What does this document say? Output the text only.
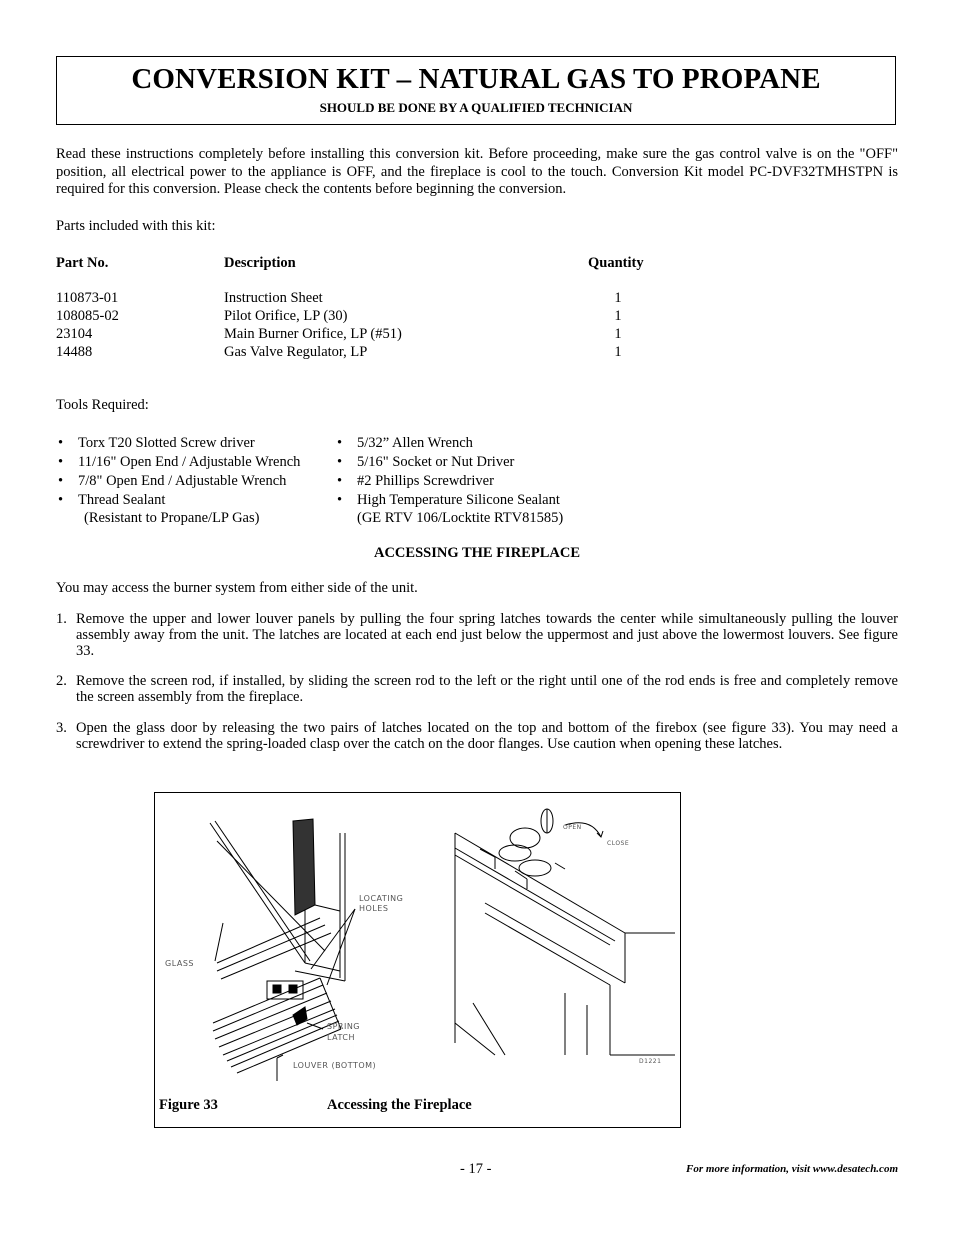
CONVERSION KIT – NATURAL GAS TO PROPANE
SHOULD BE DONE BY A QUALIFIED TECHNICIAN
Read these instructions completely before installing this conversion kit. Before proceeding, make sure the gas control valve is on the "OFF" position, all electrical power to the appliance is OFF, and the fireplace is cool to the touch. Conversion Kit model PC-DVF32TMHSTPN is required for this conversion. Please check the contents before beginning the conversion.
Parts included with this kit:
Part No.	Description	Quantity
110873-01	Instruction Sheet	1
108085-02	Pilot Orifice, LP (30)	1
23104	Main Burner Orifice, LP (#51)	1
14488	Gas Valve Regulator, LP	1
Tools Required:
• Torx T20 Slotted Screw driver
• 11/16" Open End / Adjustable Wrench
• 7/8" Open End / Adjustable Wrench
• Thread Sealant
(Resistant to Propane/LP Gas)
• 5/32” Allen Wrench
• 5/16" Socket or Nut Driver
• #2 Phillips Screwdriver
• High Temperature Silicone Sealant
(GE RTV 106/Locktite RTV81585)
ACCESSING THE FIREPLACE
You may access the burner system from either side of the unit.
1. Remove the upper and lower louver panels by pulling the four spring latches towards the center while simultaneously pulling the louver assembly away from the unit. The latches are located at each end just below the uppermost and just above the lowermost louvers. See figure 33.
2. Remove the screen rod, if installed, by sliding the screen rod to the left or the right until one of the rod ends is free and completely remove the screen assembly from the fireplace.
3. Open the glass door by releasing the two pairs of latches located on the top and bottom of the firebox (see figure 33). You may need a screwdriver to extend the spring-loaded clasp over the catch on the door flanges. Use caution when opening these latches.
GLASS
LOCATING
HOLES
SPRING
LATCH
LOUVER (BOTTOM)
OPEN
CLOSE
D1221
Figure 33	Accessing the Fireplace
- 17 -	For more information, visit www.desatech.com
